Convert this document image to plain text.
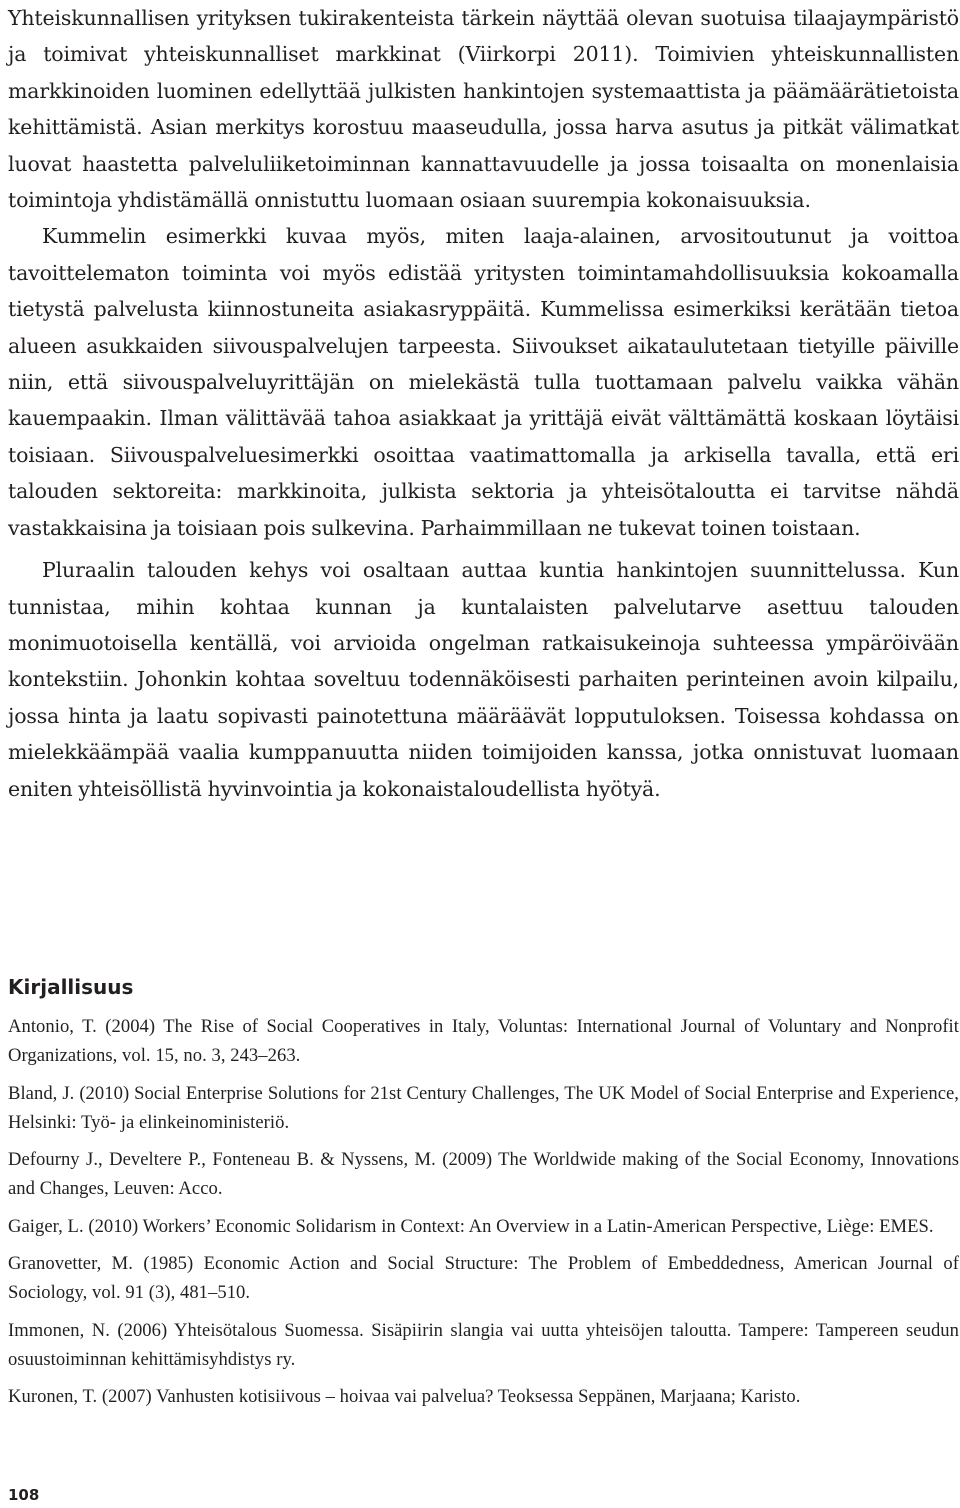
Yhteiskunnallisen yrityksen tukirakenteista tärkein näyttää olevan suotuisa tilaajaympäristö ja toimivat yhteiskunnalliset markkinat (Viirkorpi 2011). Toimivien yhteiskunnallisten markkinoiden luominen edellyttää julkisten hankintojen systemaattista ja päämäärätietoista kehittämistä. Asian merkitys korostuu maaseudulla, jossa harva asutus ja pitkät välimatkat luovat haastetta palveluliiketoiminnan kannattavuudelle ja jossa toisaalta on monenlaisia toimintoja yhdistämällä onnistuttu luomaan osiaan suurempia kokonaisuuksia.

Kummelin esimerkki kuvaa myös, miten laaja-alainen, arvositoutunut ja voittoa tavoittelematon toiminta voi myös edistää yritysten toimintamahdollisuuksia kokoamalla tietystä palvelusta kiinnostuneita asiakasryppäitä. Kummelissa esimerkiksi kerätään tietoa alueen asukkaiden siivouspalvelujen tarpeesta. Siivoukset aikataulutetaan tietyille päiville niin, että siivouspalveluyrittäjän on mielekästä tulla tuottamaan palvelu vaikka vähän kauempaakin. Ilman välittävää tahoa asiakkaat ja yrittäjä eivät välttämättä koskaan löytäisi toisiaan. Siivouspalveluesimerkki osoittaa vaatimattomalla ja arkisella tavalla, että eri talouden sektoreita: markkinoita, julkista sektoria ja yhteisötaloutta ei tarvitse nähdä vastakkaisina ja toisiaan pois sulkevina. Parhaimmillaan ne tukevat toinen toistaan.

Pluraalin talouden kehys voi osaltaan auttaa kuntia hankintojen suunnittelussa. Kun tunnistaa, mihin kohtaa kunnan ja kuntalaisten palvelutarve asettuu talouden monimuotoisella kentällä, voi arvioida ongelman ratkaisukeinoja suhteessa ympäröivään kontekstiin. Johonkin kohtaa soveltuu todennäköisesti parhaiten perinteinen avoin kilpailu, jossa hinta ja laatu sopivasti painotettuna määräävät lopputuloksen. Toisessa kohdassa on mielekkäämpää vaalia kumppanuutta niiden toimijoiden kanssa, jotka onnistuvat luomaan eniten yhteisöllistä hyvinvointia ja kokonaistaloudellista hyötyä.

Kirjallisuus

Antonio, T. (2004) The Rise of Social Cooperatives in Italy, Voluntas: International Journal of Voluntary and Nonprofit Organizations, vol. 15, no. 3, 243–263.

Bland, J. (2010) Social Enterprise Solutions for 21st Century Challenges, The UK Model of Social Enterprise and Experience, Helsinki: Työ- ja elinkeinoministeriö.

Defourny J., Develtere P., Fonteneau B. & Nyssens, M. (2009) The Worldwide making of the Social Economy, Innovations and Changes, Leuven: Acco.

Gaiger, L. (2010) Workers’ Economic Solidarism in Context: An Overview in a Latin-American Perspective, Liège: EMES.

Granovetter, M. (1985) Economic Action and Social Structure: The Problem of Embeddedness, American Journal of Sociology, vol. 91 (3), 481–510.

Immonen, N. (2006) Yhteisötalous Suomessa. Sisäpiirin slangia vai uutta yhteisöjen taloutta. Tampere: Tampereen seudun osuustoiminnan kehittämisyhdistys ry.

Kuronen, T. (2007) Vanhusten kotisiivous – hoivaa vai palvelua? Teoksessa Seppänen, Marjaana; Karisto.

108
